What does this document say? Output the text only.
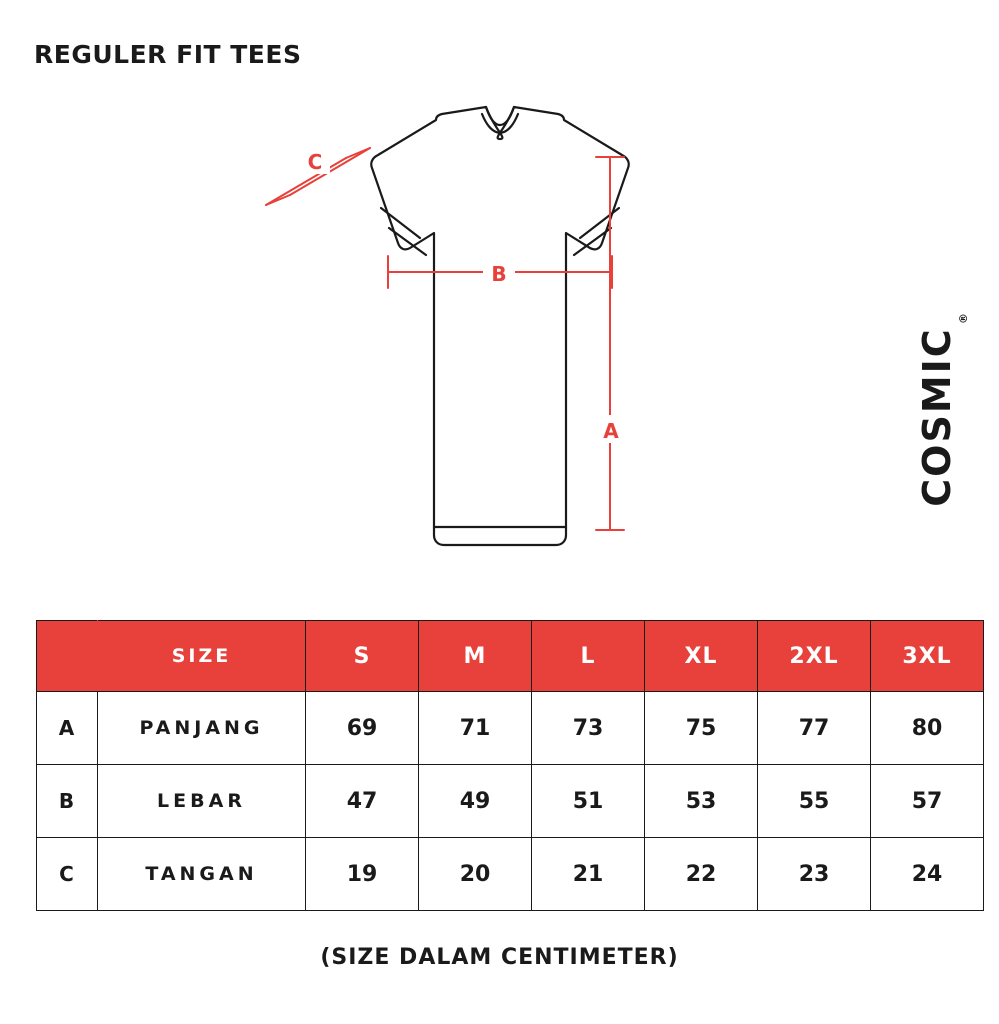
REGULER FIT TEES
C
B
A	COSMIC
®
	SIZE	S	M	L	XL	2XL	3XL
A	PANJANG	69	71	73	75	77	80
B	LEBAR	47	49	51	53	55	57
C	TANGAN	19	20	21	22	23	24
(SIZE DALAM CENTIMETER)
